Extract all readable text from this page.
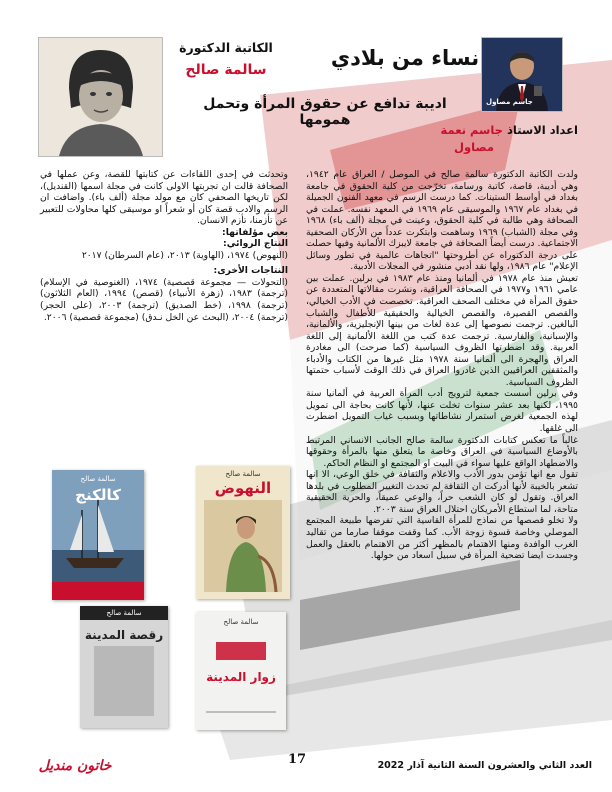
جاسم مصاول
نساء من بلادي
الكاتبة الدكتورة
سالمة صالح
اديبة تدافع عن حقوق المرأة وتحمل همومها
اعداد الاستاذ جاسم نعمة
مصاول

ولدت الكاتبة الدكتورة سالمة صالح في الموصل / العراق عام ١٩٤٢، وهي أديبة، قاصة، كاتبة ورسامة، تخرّجت من كلية الحقوق في جامعة بغداد في أواسط الستينات. كما درست الرسم في معهد الفنون الجميلة في بغداد عام ١٩٦٧ والموسيقى عام ١٩٦٩ في المعهد نفسه. عملت في الصحافة وهي طالبة في كلية الحقوق، وعينت في مجلة (ألف باء) ١٩٦٨ وفي مجلة (الشباب) ١٩٦٩ وساهمت وابتكرت عدداً من الأركان الصحفية الاجتماعية. درست أيضاً الصحافة في جامعة لايبزك الألمانية وفيها حصلت على درجة الدكتوراه عن أطروحتها "اتجاهات عالمية في تطور وسائل الإعلام" عام ١٩٨٦، ولها نقد أدبي منشور في المجلات الأدبية.

تعيش منذ عام ١٩٧٨ في ألمانيا ومنذ عام ١٩٨٣ في برلين. عملت بين عامي ١٩٦١ و١٩٧٧ في الصحافة العراقية، ونشرت مقالاتها المتعددة عن حقوق المرأة في مختلف الصحف العراقية. تخصصت في الأدب الخيالي، والقصص القصيرة، والقصص الخيالية والحقيقية للأطفال والشباب البالغين. ترجمت نصوصها إلى عدة لغات من بينها الإنجليزية، والألمانية، والإسبانية، والفارسية. ترجمت عدة كتب من اللغة الألمانية إلى اللغة العربية. وقد اضطرتها الظروف السياسية (كما صرحت) الى مغادرة العراق والهجرة الى ألمانيا سنة ١٩٧٨ مثل غيرها من الكتاب والأدباء والمثقفين العراقيين الذين غادروا العراق في ذلك الوقت لأسباب حتمتها الظروف السياسية.

وفي برلين أسست جمعية لترويج أدب المرأة العربية في ألمانيا سنة ١٩٩٥، لكنها بعد عشر سنوات تخلت عنها، لأنها كانت بحاجة الى تمويل لهذه الجمعية لغرض استمرار نشاطاتها وبسبب غياب التمويل اضطرت الى غلقها.

غالباً ما تعكس كتابات الدكتورة سالمة صالح الجانب الانساني المرتبط بالأوضاع السياسية في العراق وخاصة ما يتعلق منها بالمرأة وحقوقها والاضطهاد الواقع عليها سواء في البيت او المجتمع او النظام الحاكم.

تقول مع انها تؤمن بدور الأدب والاعلام والثقافة في خلق الوعي، الا انها تشعر بالخيبة لأنها أدركت ان الثقافة لم تحدث التغيير المطلوب في بلدها العراق. وتقول لو كان الشعب حراً، والوعي عميقاً، والحرية الحقيقية متاحة، لما استطاع الأمريكان احتلال العراق سنة ٢٠٠٣.

ولا تخلو قصصها من نماذج للمرأة القاسية التي تفرضها طبيعة المجتمع الموصلي وخاصة قسوة زوجة الأب. كما وقفت موقفا صارما من تقاليد الغرب الوافدة ومنها الاهتمام بالمظهر أكثر من الاهتمام بالعقل والعمل وجسدت ايضا تضحية المرأة في سبيل اسعاد من حولها.

وتحدثت في إحدى اللقاءات عن كتابتها للقصة، وعن عملها في الصحافة قالت ان تجربتها الاولى كانت في مجلة اسمها (القنديل)، لكن تاريخها الصحفي كان مع مولد مجلة (ألف باء). واضافت ان الرسم والادب قصة كان أو شعراً او موسيقى كلها محاولات للتعبير عن تأزمنا، تأزم الانسان.

بعض مؤلفاتها:

النتاج الروائي:

(النهوض) ١٩٧٤، (الهاوية) ٢٠١٣، (عام السرطان) ٢٠١٧

النتاجات الأخرى:

(التحولات — مجموعة قصصية) ١٩٧٤، (الغنوصية في الإسلام) (ترجمة) ١٩٨٣، (زهرة الأنبياء) (قصص) ١٩٩٤، (العام الثلاثون) (ترجمة) ١٩٩٨، (خط الصديق) (ترجمة) ٢٠٠٣، (على الحجر) (ترجمة) ٢٠٠٤، (البحث عن الخل نـدق) (مجموعة قصصية) ٢٠٠٦.

سالمة صالح
كالكنج
سالمة صالح
النهوض
سالمة صالح
رقصة المدينة
سالمة صالح
زوار المدينة
خاتون منديل	17	العدد الثاني والعشرون السنة الثانية آذار 2022
